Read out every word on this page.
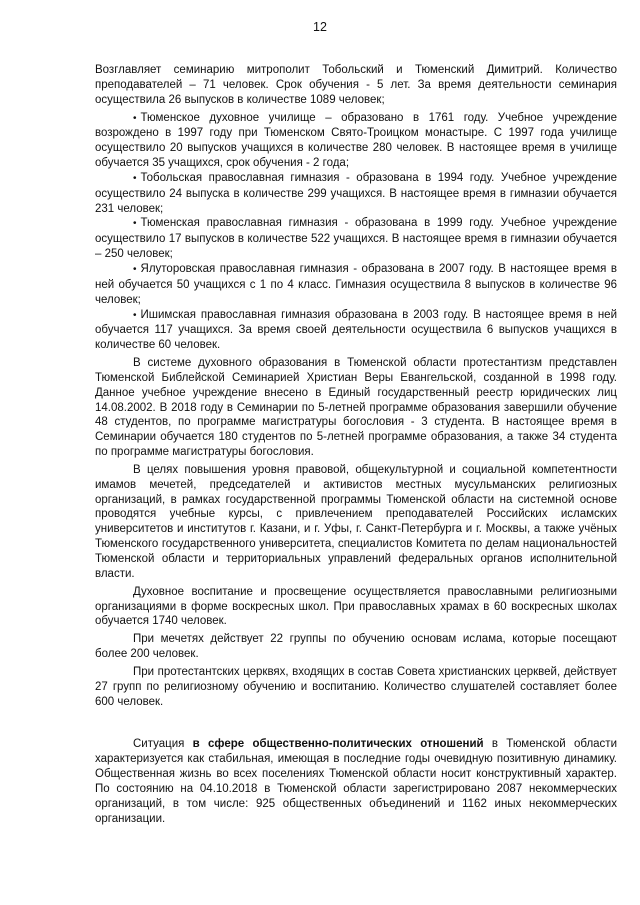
12

Возглавляет семинарию митрополит Тобольский и Тюменский Димитрий. Количество преподавателей – 71 человек. Срок обучения - 5 лет. За время деятельности семинария осуществила 26 выпусков в количестве 1089 человек;

• Тюменское духовное училище – образовано в 1761 году. Учебное учреждение возрождено в 1997 году при Тюменском Свято-Троицком монастыре. С 1997 года училище осуществило 20 выпусков учащихся в количестве 280 человек. В настоящее время в училище обучается 35 учащихся, срок обучения - 2 года;

• Тобольская православная гимназия - образована в 1994 году. Учебное учреждение осуществило 24 выпуска в количестве 299 учащихся. В настоящее время в гимназии обучается 231 человек;

• Тюменская православная гимназия - образована в 1999 году. Учебное учреждение осуществило 17 выпусков в количестве 522 учащихся. В настоящее время в гимназии обучается – 250 человек;

• Ялуторовская православная гимназия - образована в 2007 году. В настоящее время в ней обучается 50 учащихся с 1 по 4 класс. Гимназия осуществила 8 выпусков в количестве 96 человек;

• Ишимская православная гимназия образована в 2003 году. В настоящее время в ней обучается 117 учащихся. За время своей деятельности осуществила 6 выпусков учащихся в количестве 60 человек.

В системе духовного образования в Тюменской области протестантизм представлен Тюменской Библейской Семинарией Христиан Веры Евангельской, созданной в 1998 году. Данное учебное учреждение внесено в Единый государственный реестр юридических лиц 14.08.2002. В 2018 году в Семинарии по 5-летней программе образования завершили обучение 48 студентов, по программе магистратуры богословия - 3 студента. В настоящее время в Семинарии обучается 180 студентов по 5-летней программе образования, а также 34 студента по программе магистратуры богословия.

В целях повышения уровня правовой, общекультурной и социальной компетентности имамов мечетей, председателей и активистов местных мусульманских религиозных организаций, в рамках государственной программы Тюменской области на системной основе проводятся учебные курсы, с привлечением преподавателей Российских исламских университетов и институтов г. Казани, и г. Уфы, г. Санкт-Петербурга и г. Москвы, а также учёных Тюменского государственного университета, специалистов Комитета по делам национальностей Тюменской области и территориальных управлений федеральных органов исполнительной власти.

Духовное воспитание и просвещение осуществляется православными религиозными организациями в форме воскресных школ. При православных храмах в 60 воскресных школах обучается 1740 человек.

При мечетях действует 22 группы по обучению основам ислама, которые посещают более 200 человек.

При протестантских церквях, входящих в состав Совета христианских церквей, действует 27 групп по религиозному обучению и воспитанию. Количество слушателей составляет более 600 человек.

Ситуация в сфере общественно-политических отношений в Тюменской области характеризуется как стабильная, имеющая в последние годы очевидную позитивную динамику. Общественная жизнь во всех поселениях Тюменской области носит конструктивный характер. По состоянию на 04.10.2018 в Тюменской области зарегистрировано 2087 некоммерческих организаций, в том числе: 925 общественных объединений и 1162 иных некоммерческих организации.
